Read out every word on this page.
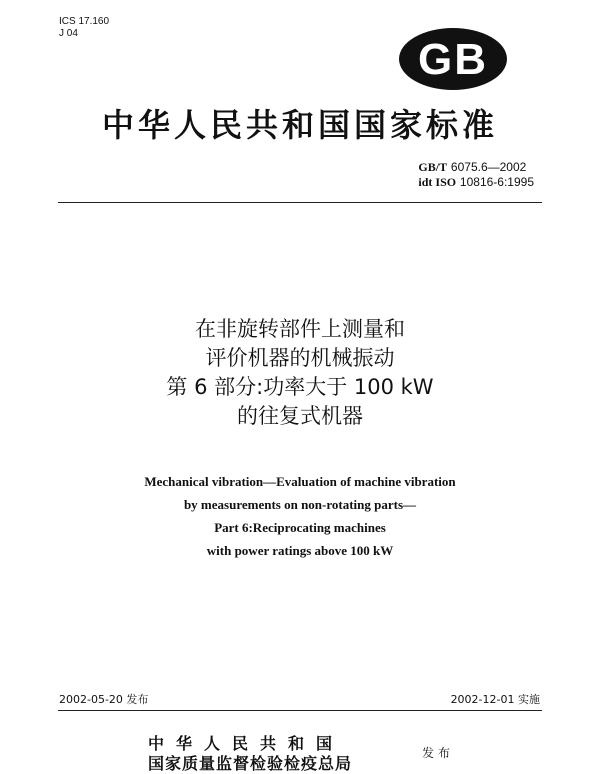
ICS 17.160
J 04
GB
中华人民共和国国家标准
GB/T 6075.6—2002
idt ISO 10816-6:1995
在非旋转部件上测量和
评价机器的机械振动
第 6 部分:功率大于 100 kW
的往复式机器
Mechanical vibration—Evaluation of machine vibration
by measurements on non-rotating parts—
Part 6:Reciprocating machines
with power ratings above 100 kW
2002-05-20 发布	2002-12-01 实施
中华人民共和国
国家质量监督检验检疫总局
发布
